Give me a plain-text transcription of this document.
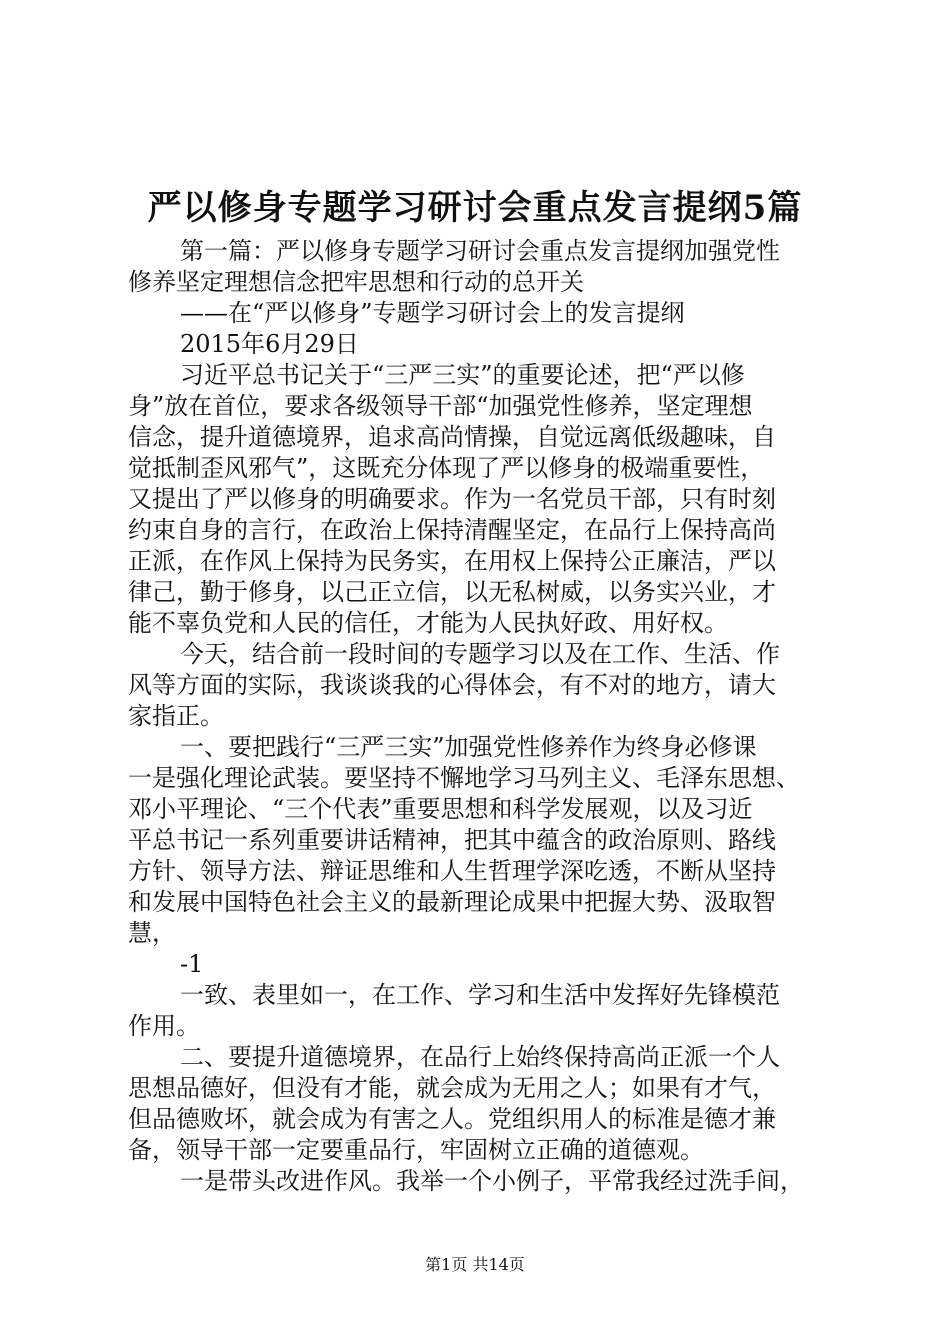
严以修身专题学习研讨会重点发言提纲5篇
第一篇：严以修身专题学习研讨会重点发言提纲加强党性
修养坚定理想信念把牢思想和行动的总开关
——在“严以修身”专题学习研讨会上的发言提纲
2015年6月29日
习近平总书记关于“三严三实”的重要论述，把“严以修
身”放在首位，要求各级领导干部“加强党性修养，坚定理想
信念，提升道德境界，追求高尚情操，自觉远离低级趣味，自
觉抵制歪风邪气”，这既充分体现了严以修身的极端重要性，
又提出了严以修身的明确要求。作为一名党员干部，只有时刻
约束自身的言行，在政治上保持清醒坚定，在品行上保持高尚
正派，在作风上保持为民务实，在用权上保持公正廉洁，严以
律己，勤于修身，以己正立信，以无私树威，以务实兴业，才
能不辜负党和人民的信任，才能为人民执好政、用好权。
今天，结合前一段时间的专题学习以及在工作、生活、作
风等方面的实际，我谈谈我的心得体会，有不对的地方，请大
家指正。
一、要把践行“三严三实”加强党性修养作为终身必修课
一是强化理论武装。要坚持不懈地学习马列主义、毛泽东思想、
邓小平理论、“三个代表”重要思想和科学发展观，以及习近
平总书记一系列重要讲话精神，把其中蕴含的政治原则、路线
方针、领导方法、辩证思维和人生哲理学深吃透，不断从坚持
和发展中国特色社会主义的最新理论成果中把握大势、汲取智
慧，
-1
一致、表里如一，在工作、学习和生活中发挥好先锋模范
作用。
二、要提升道德境界，在品行上始终保持高尚正派一个人
思想品德好，但没有才能，就会成为无用之人；如果有才气，
但品德败坏，就会成为有害之人。党组织用人的标准是德才兼
备，领导干部一定要重品行，牢固树立正确的道德观。
一是带头改进作风。我举一个小例子，平常我经过洗手间，
第1页 共14页
